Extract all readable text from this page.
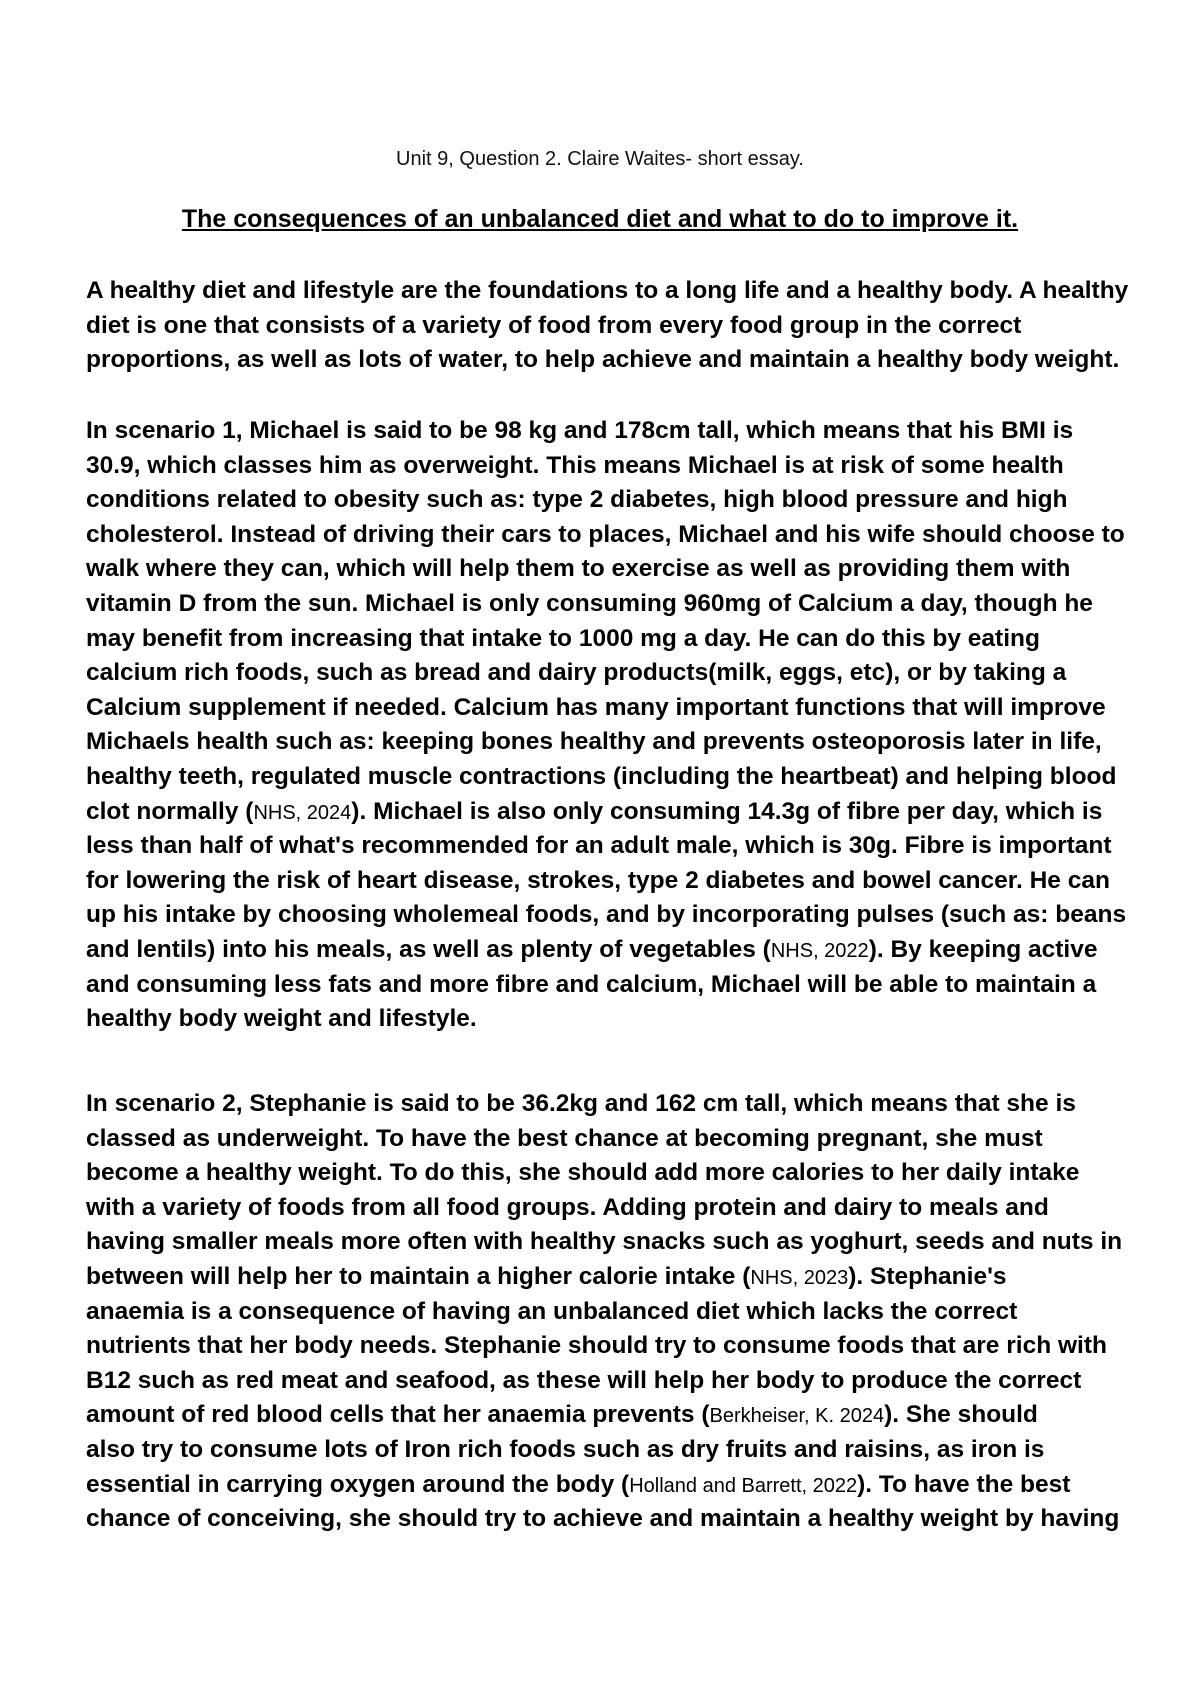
Unit 9, Question 2. Claire Waites- short essay.
The consequences of an unbalanced diet and what to do to improve it.
A healthy diet and lifestyle are the foundations to a long life and a healthy body. A healthy
diet is one that consists of a variety of food from every food group in the correct
proportions, as well as lots of water, to help achieve and maintain a healthy body weight.
In scenario 1, Michael is said to be 98 kg and 178cm tall, which means that his BMI is
30.9, which classes him as overweight. This means Michael is at risk of some health
conditions related to obesity such as: type 2 diabetes, high blood pressure and high
cholesterol. Instead of driving their cars to places, Michael and his wife should choose to
walk where they can, which will help them to exercise as well as providing them with
vitamin D from the sun. Michael is only consuming 960mg of Calcium a day, though he
may benefit from increasing that intake to 1000 mg a day. He can do this by eating
calcium rich foods, such as bread and dairy products(milk, eggs, etc), or by taking a
Calcium supplement if needed. Calcium has many important functions that will improve
Michaels health such as: keeping bones healthy and prevents osteoporosis later in life,
healthy teeth, regulated muscle contractions (including the heartbeat) and helping blood
clot normally (NHS, 2024). Michael is also only consuming 14.3g of fibre per day, which is
less than half of what's recommended for an adult male, which is 30g. Fibre is important
for lowering the risk of heart disease, strokes, type 2 diabetes and bowel cancer. He can
up his intake by choosing wholemeal foods, and by incorporating pulses (such as: beans
and lentils) into his meals, as well as plenty of vegetables (NHS, 2022). By keeping active
and consuming less fats and more fibre and calcium, Michael will be able to maintain a
healthy body weight and lifestyle.
In scenario 2, Stephanie is said to be 36.2kg and 162 cm tall, which means that she is
classed as underweight. To have the best chance at becoming pregnant, she must
become a healthy weight. To do this, she should add more calories to her daily intake
with a variety of foods from all food groups. Adding protein and dairy to meals and
having smaller meals more often with healthy snacks such as yoghurt, seeds and nuts in
between will help her to maintain a higher calorie intake (NHS, 2023). Stephanie's
anaemia is a consequence of having an unbalanced diet which lacks the correct
nutrients that her body needs. Stephanie should try to consume foods that are rich with
B12 such as red meat and seafood, as these will help her body to produce the correct
amount of red blood cells that her anaemia prevents (Berkheiser, K. 2024). She should
also try to consume lots of Iron rich foods such as dry fruits and raisins, as iron is
essential in carrying oxygen around the body (Holland and Barrett, 2022). To have the best
chance of conceiving, she should try to achieve and maintain a healthy weight by having
